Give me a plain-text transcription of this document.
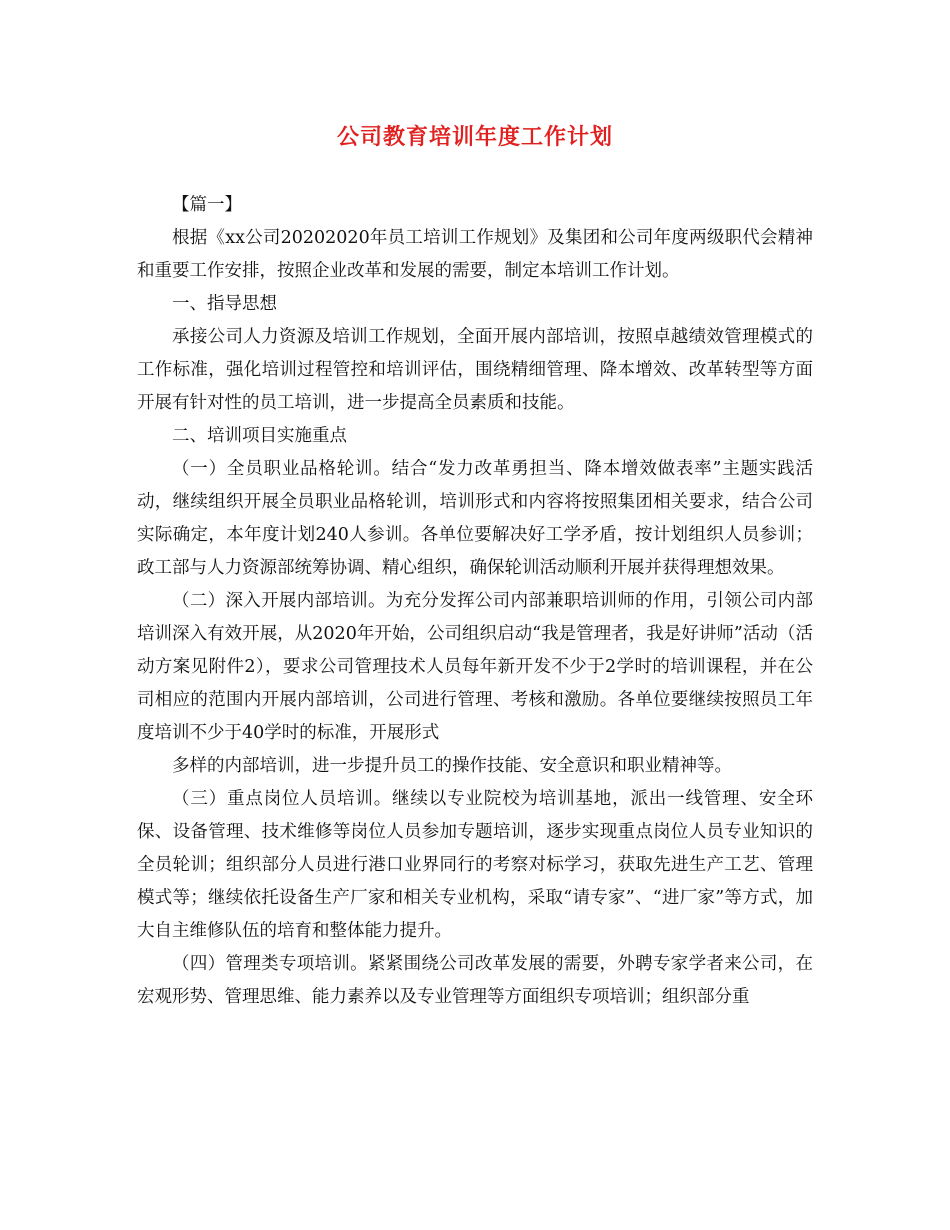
公司教育培训年度工作计划

【篇一】

根据《xx公司20202020年员工培训工作规划》及集团和公司年度两级职代会精神和重要工作安排，按照企业改革和发展的需要，制定本培训工作计划。

一、指导思想

承接公司人力资源及培训工作规划，全面开展内部培训，按照卓越绩效管理模式的工作标准，强化培训过程管控和培训评估，围绕精细管理、降本增效、改革转型等方面开展有针对性的员工培训，进一步提高全员素质和技能。

二、培训项目实施重点

（一）全员职业品格轮训。结合“发力改革勇担当、降本增效做表率”主题实践活动，继续组织开展全员职业品格轮训，培训形式和内容将按照集团相关要求，结合公司实际确定，本年度计划240人参训。各单位要解决好工学矛盾，按计划组织人员参训；政工部与人力资源部统筹协调、精心组织，确保轮训活动顺利开展并获得理想效果。

（二）深入开展内部培训。为充分发挥公司内部兼职培训师的作用，引领公司内部培训深入有效开展，从2020年开始，公司组织启动“我是管理者，我是好讲师”活动（活动方案见附件2），要求公司管理技术人员每年新开发不少于2学时的培训课程，并在公司相应的范围内开展内部培训，公司进行管理、考核和激励。各单位要继续按照员工年度培训不少于40学时的标准，开展形式

多样的内部培训，进一步提升员工的操作技能、安全意识和职业精神等。

（三）重点岗位人员培训。继续以专业院校为培训基地，派出一线管理、安全环保、设备管理、技术维修等岗位人员参加专题培训，逐步实现重点岗位人员专业知识的全员轮训；组织部分人员进行港口业界同行的考察对标学习，获取先进生产工艺、管理模式等；继续依托设备生产厂家和相关专业机构，采取“请专家”、“进厂家”等方式，加大自主维修队伍的培育和整体能力提升。

（四）管理类专项培训。紧紧围绕公司改革发展的需要，外聘专家学者来公司，在宏观形势、管理思维、能力素养以及专业管理等方面组织专项培训；组织部分重
